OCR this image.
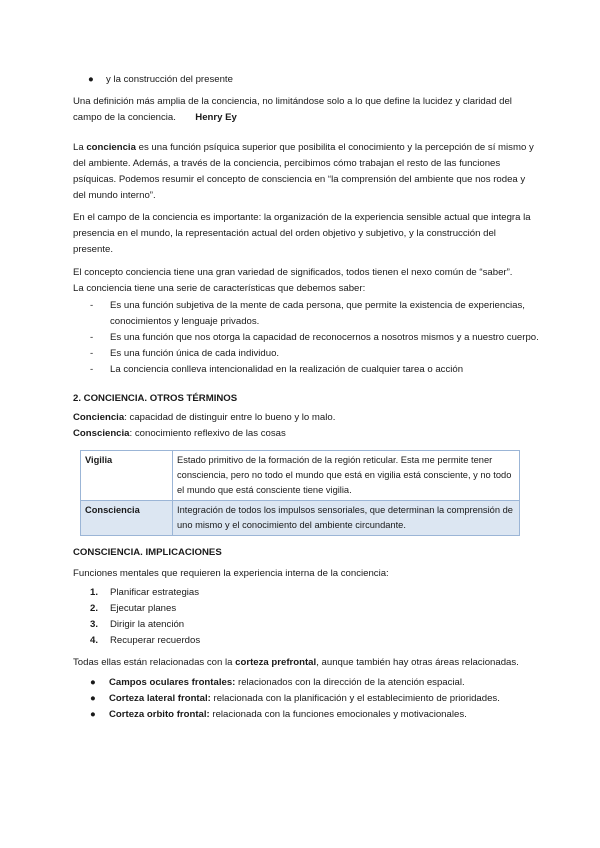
● y la construcción del presente
Una definición más amplia de la conciencia, no limitándose solo a lo que define la lucidez y claridad del campo de la conciencia. Henry Ey
La conciencia es una función psíquica superior que posibilita el conocimiento y la percepción de sí mismo y del ambiente. Además, a través de la conciencia, percibimos cómo trabajan el resto de las funciones psíquicas. Podemos resumir el concepto de consciencia en “la comprensión del ambiente que nos rodea y del mundo interno”.
En el campo de la conciencia es importante: la organización de la experiencia sensible actual que integra la presencia en el mundo, la representación actual del orden objetivo y subjetivo, y la construcción del presente.

El concepto conciencia tiene una gran variedad de significados, todos tienen el nexo común de “saber”.

La conciencia tiene una serie de características que debemos saber:

- Es una función subjetiva de la mente de cada persona, que permite la existencia de experiencias, conocimientos y lenguaje privados.
- Es una función que nos otorga la capacidad de reconocernos a nosotros mismos y a nuestro cuerpo.
- Es una función única de cada individuo.
- La conciencia conlleva intencionalidad en la realización de cualquier tarea o acción
2. CONCIENCIA. OTROS TÉRMINOS

Conciencia: capacidad de distinguir entre lo bueno y lo malo.

Consciencia: conocimiento reflexivo de las cosas

Vigilia	Estado primitivo de la formación de la región reticular. Esta me permite tener consciencia, pero no todo el mundo que está en vigilia está consciente, y no todo el mundo que está consciente tiene vigilia.
Consciencia	Integración de todos los impulsos sensoriales, que determinan la comprensión de uno mismo y el conocimiento del ambiente circundante.
CONSCIENCIA. IMPLICACIONES
Funciones mentales que requieren la experiencia interna de la conciencia:
1. Planificar estrategias
2. Ejecutar planes
3. Dirigir la atención
4. Recuperar recuerdos
Todas ellas están relacionadas con la corteza prefrontal, aunque también hay otras áreas relacionadas.
● Campos oculares frontales: relacionados con la dirección de la atención espacial.
● Corteza lateral frontal: relacionada con la planificación y el establecimiento de prioridades.
● Corteza orbito frontal: relacionada con la funciones emocionales y motivacionales.
